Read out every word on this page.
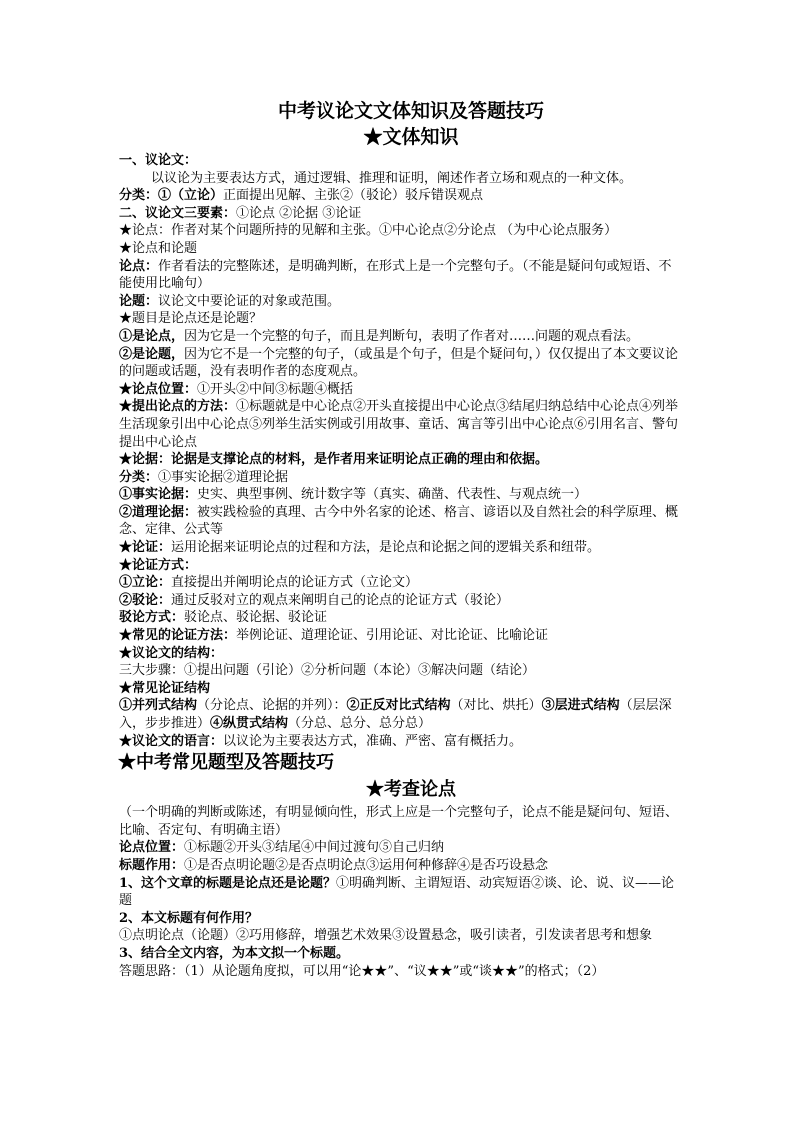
中考议论文文体知识及答题技巧
★文体知识
一、议论文：
以议论为主要表达方式，通过逻辑、推理和证明，阐述作者立场和观点的一种文体。
分类：①（立论）正面提出见解、主张②（驳论）驳斥错误观点
二、议论文三要素：①论点 ②论据 ③论证
★论点：作者对某个问题所持的见解和主张。①中心论点②分论点 （为中心论点服务）
★论点和论题
论点：作者看法的完整陈述，是明确判断，在形式上是一个完整句子。（不能是疑问句或短语、不能使用比喻句）
论题：议论文中要论证的对象或范围。
★题目是论点还是论题？
①是论点，因为它是一个完整的句子，而且是判断句，表明了作者对……问题的观点看法。
②是论题，因为它不是一个完整的句子，（或虽是个句子，但是个疑问句，）仅仅提出了本文要议论的问题或话题，没有表明作者的态度观点。
★论点位置：①开头②中间③标题④概括
★提出论点的方法：①标题就是中心论点②开头直接提出中心论点③结尾归纳总结中心论点④列举生活现象引出中心论点⑤列举生活实例或引用故事、童话、寓言等引出中心论点⑥引用名言、警句提出中心论点
★论据：论据是支撑论点的材料，是作者用来证明论点正确的理由和依据。
分类：①事实论据②道理论据
①事实论据：史实、典型事例、统计数字等（真实、确凿、代表性、与观点统一）
②道理论据：被实践检验的真理、古今中外名家的论述、格言、谚语以及自然社会的科学原理、概念、定律、公式等
★论证：运用论据来证明论点的过程和方法，是论点和论据之间的逻辑关系和纽带。
★论证方式：
①立论：直接提出并阐明论点的论证方式（立论文）
②驳论：通过反驳对立的观点来阐明自己的论点的论证方式（驳论）
驳论方式：驳论点、驳论据、驳论证
★常见的论证方法：举例论证、道理论证、引用论证、对比论证、比喻论证
★议论文的结构：
三大步骤：①提出问题（引论）②分析问题（本论）③解决问题（结论）
★常见论证结构
①并列式结构（分论点、论据的并列）：②正反对比式结构（对比、烘托）③层进式结构（层层深入，步步推进）④纵贯式结构（分总、总分、总分总）
★议论文的语言：以议论为主要表达方式，准确、严密、富有概括力。
★中考常见题型及答题技巧
★考查论点
（一个明确的判断或陈述，有明显倾向性，形式上应是一个完整句子，论点不能是疑问句、短语、比喻、否定句、有明确主语）
论点位置：①标题②开头③结尾④中间过渡句⑤自己归纳
标题作用：①是否点明论题②是否点明论点③运用何种修辞④是否巧设悬念
1、这个文章的标题是论点还是论题？①明确判断、主谓短语、动宾短语②谈、论、说、议——论题
2、本文标题有何作用？
①点明论点（论题）②巧用修辞，增强艺术效果③设置悬念，吸引读者，引发读者思考和想象
3、结合全文内容，为本文拟一个标题。
答题思路：（1）从论题角度拟，可以用“论★★”、“议★★”或“谈★★”的格式；（2）
